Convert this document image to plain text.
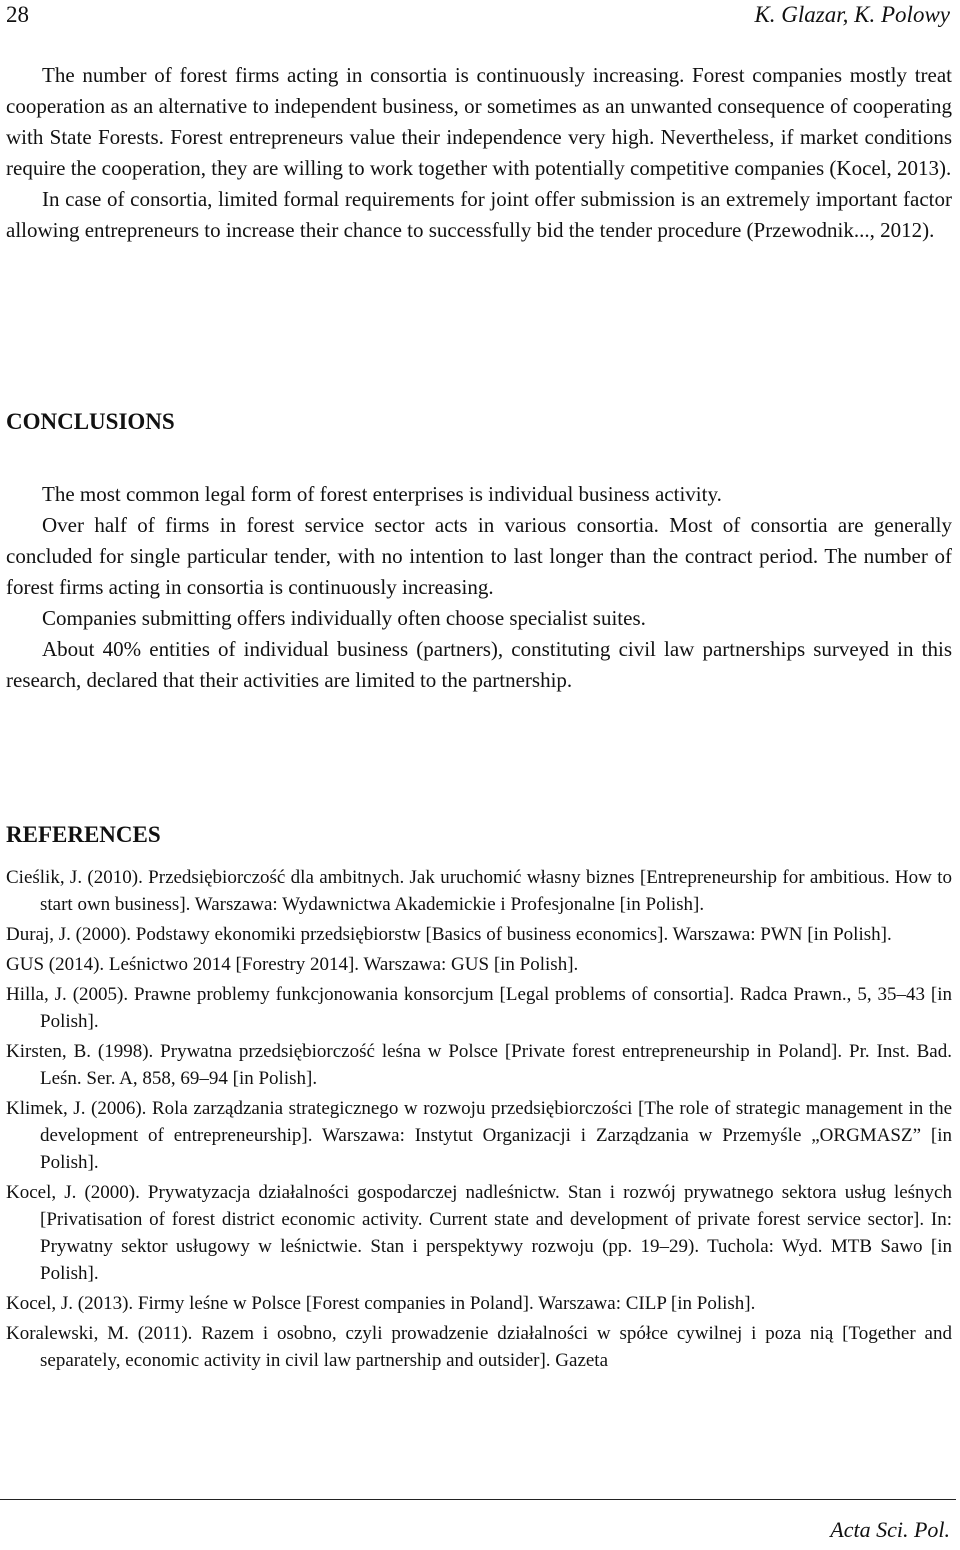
28	K. Glazar, K. Polowy

The number of forest firms acting in consortia is continuously increasing. Forest companies mostly treat cooperation as an alternative to independent business, or sometimes as an unwanted consequence of cooperating with State Forests. Forest entrepreneurs value their independence very high. Nevertheless, if market conditions require the cooperation, they are willing to work together with potentially competitive companies (Kocel, 2013).

In case of consortia, limited formal requirements for joint offer submission is an extremely important factor allowing entrepreneurs to increase their chance to successfully bid the tender procedure (Przewodnik..., 2012).

CONCLUSIONS

The most common legal form of forest enterprises is individual business activity.

Over half of firms in forest service sector acts in various consortia. Most of consortia are generally concluded for single particular tender, with no intention to last longer than the contract period. The number of forest firms acting in consortia is continuously increasing.

Companies submitting offers individually often choose specialist suites.

About 40% entities of individual business (partners), constituting civil law partnerships surveyed in this research, declared that their activities are limited to the partnership.

REFERENCES
Cieślik, J. (2010). Przedsiębiorczość dla ambitnych. Jak uruchomić własny biznes [Entrepreneurship for ambitious. How to start own business]. Warszawa: Wydawnictwa Akademickie i Profesjonalne [in Polish].
Duraj, J. (2000). Podstawy ekonomiki przedsiębiorstw [Basics of business economics]. Warszawa: PWN [in Polish].
GUS (2014). Leśnictwo 2014 [Forestry 2014]. Warszawa: GUS [in Polish].
Hilla, J. (2005). Prawne problemy funkcjonowania konsorcjum [Legal problems of consortia]. Radca Prawn., 5, 35–43 [in Polish].
Kirsten, B. (1998). Prywatna przedsiębiorczość leśna w Polsce [Private forest entrepreneurship in Poland]. Pr. Inst. Bad. Leśn. Ser. A, 858, 69–94 [in Polish].
Klimek, J. (2006). Rola zarządzania strategicznego w rozwoju przedsiębiorczości [The role of strategic management in the development of entrepreneurship]. Warszawa: Instytut Organizacji i Zarządzania w Przemyśle „ORGMASZ” [in Polish].
Kocel, J. (2000). Prywatyzacja działalności gospodarczej nadleśnictw. Stan i rozwój prywatnego sektora usług leśnych [Privatisation of forest district economic activity. Current state and development of private forest service sector]. In: Prywatny sektor usługowy w leśnictwie. Stan i perspektywy rozwoju (pp. 19–29). Tuchola: Wyd. MTB Sawo [in Polish].
Kocel, J. (2013). Firmy leśne w Polsce [Forest companies in Poland]. Warszawa: CILP [in Polish].
Koralewski, M. (2011). Razem i osobno, czyli prowadzenie działalności w spółce cywilnej i poza nią [Together and separately, economic activity in civil law partnership and outsider]. Gazeta
Acta Sci. Pol.
